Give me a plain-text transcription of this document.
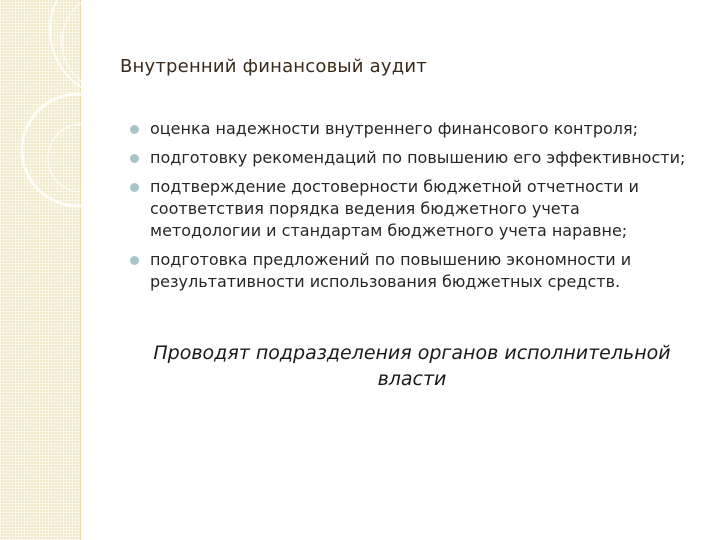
Внутренний финансовый аудит
оценка надежности внутреннего финансового контроля;
подготовку рекомендаций по повышению его эффективности;
подтверждение достоверности бюджетной отчетности и соответствия порядка ведения бюджетного учета методологии и стандартам бюджетного учета наравне;
подготовка предложений по повышению экономности и результативности использования бюджетных средств.
Проводят подразделения органов исполнительной власти
